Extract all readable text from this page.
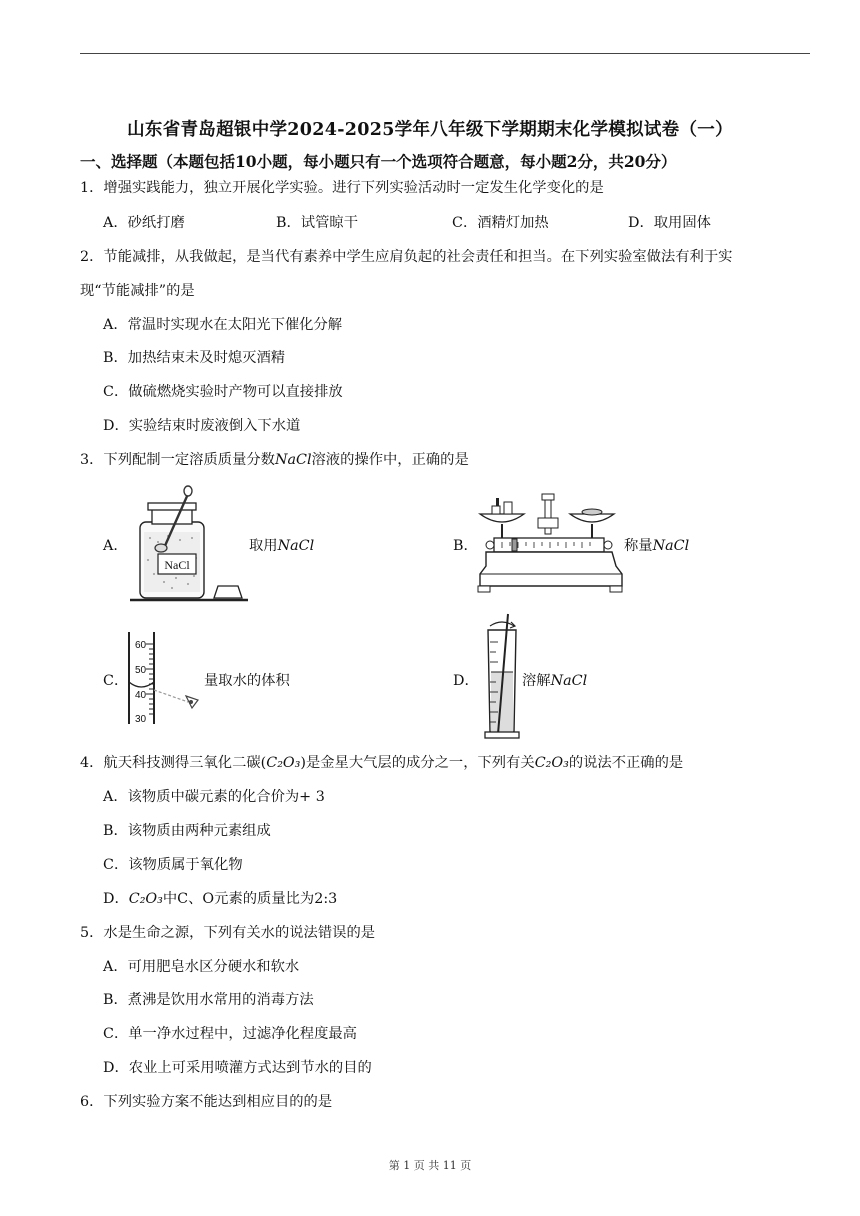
山东省青岛超银中学2024-2025学年八年级下学期期末化学模拟试卷（一）
一、选择题（本题包括10小题，每小题只有一个选项符合题意，每小题2分，共20分）
1．增强实践能力，独立开展化学实验。进行下列实验活动时一定发生化学变化的是
A．砂纸打磨	B．试管晾干	C．酒精灯加热	D．取用固体
2．节能减排，从我做起，是当代有素养中学生应肩负起的社会责任和担当。在下列实验室做法有利于实
现“节能减排”的是
A．常温时实现水在太阳光下催化分解
B．加热结束未及时熄灭酒精
C．做硫燃烧实验时产物可以直接排放
D．实验结束时废液倒入下水道
3．下列配制一定溶质质量分数NaCl溶液的操作中，正确的是
A．
NaCl
取用NaCl	B．	称量NaCl
C．
60
50
40
30
量取水的体积	D．	溶解NaCl
4．航天科技测得三氧化二碳(C₂O₃)是金星大气层的成分之一，下列有关C₂O₃的说法不正确的是
A．该物质中碳元素的化合价为+ 3
B．该物质由两种元素组成
C．该物质属于氧化物
D．C₂O₃中C、O元素的质量比为2:3
5．水是生命之源，下列有关水的说法错误的是
A．可用肥皂水区分硬水和软水
B．煮沸是饮用水常用的消毒方法
C．单一净水过程中，过滤净化程度最高
D．农业上可采用喷灌方式达到节水的目的
6．下列实验方案不能达到相应目的的是
第 1 页 共 11 页
